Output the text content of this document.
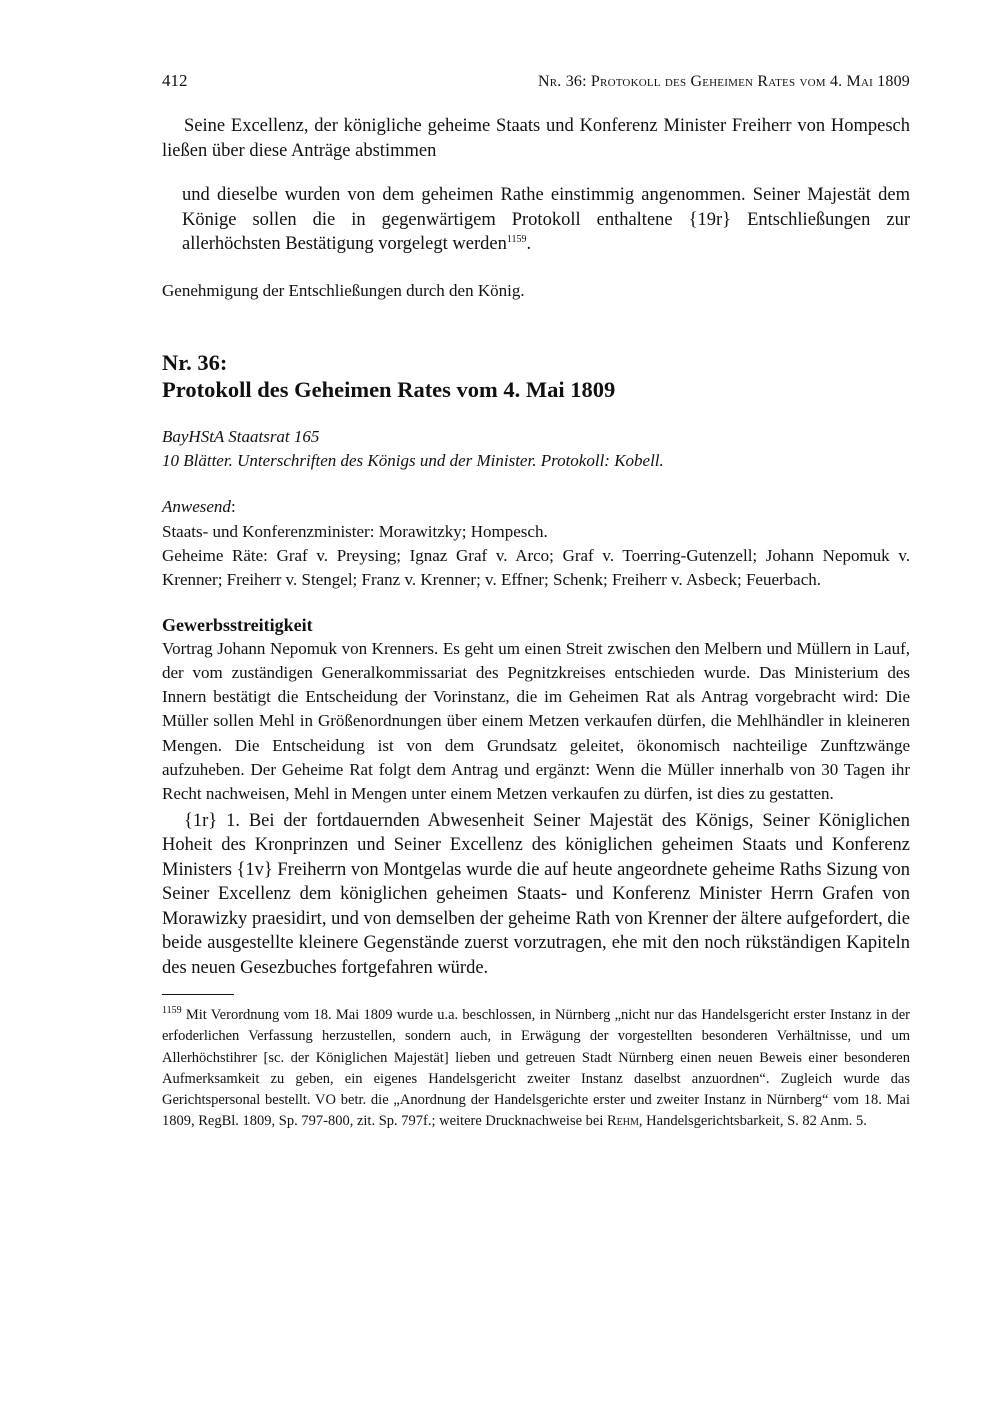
412	Nr. 36: Protokoll des Geheimen Rates vom 4. Mai 1809

Seine Excellenz, der königliche geheime Staats und Konferenz Minister Freiherr von Hompesch ließen über diese Anträge abstimmen

und dieselbe wurden von dem geheimen Rathe einstimmig angenommen. Seiner Majestät dem Könige sollen die in gegenwärtigem Protokoll enthaltene {19r} Entschließungen zur allerhöchsten Bestätigung vorgelegt werden$^{1159}$.

Genehmigung der Entschließungen durch den König.

Nr. 36:
Protokoll des Geheimen Rates vom 4. Mai 1809

BayHStA Staatsrat 165

10 Blätter. Unterschriften des Königs und der Minister. Protokoll: Kobell.

Anwesend:

Staats- und Konferenzminister: Morawitzky; Hompesch.

Geheime Räte: Graf v. Preysing; Ignaz Graf v. Arco; Graf v. Toerring-Gutenzell; Johann Nepomuk v. Krenner; Freiherr v. Stengel; Franz v. Krenner; v. Effner; Schenk; Freiherr v. Asbeck; Feuerbach.

Gewerbsstreitigkeit

Vortrag Johann Nepomuk von Krenners. Es geht um einen Streit zwischen den Melbern und Müllern in Lauf, der vom zuständigen Generalkommissariat des Pegnitzkreises entschieden wurde. Das Ministerium des Innern bestätigt die Entscheidung der Vorinstanz, die im Geheimen Rat als Antrag vorgebracht wird: Die Müller sollen Mehl in Größenordnungen über einem Metzen verkaufen dürfen, die Mehlhändler in kleineren Mengen. Die Entscheidung ist von dem Grundsatz geleitet, ökonomisch nachteilige Zunftzwänge aufzuheben. Der Geheime Rat folgt dem Antrag und ergänzt: Wenn die Müller innerhalb von 30 Tagen ihr Recht nachweisen, Mehl in Mengen unter einem Metzen verkaufen zu dürfen, ist dies zu gestatten.

{1r} 1. Bei der fortdauernden Abwesenheit Seiner Majestät des Königs, Seiner Königlichen Hoheit des Kronprinzen und Seiner Excellenz des königlichen geheimen Staats und Konferenz Ministers {1v} Freiherrn von Montgelas wurde die auf heute angeordnete geheime Raths Sizung von Seiner Excellenz dem königlichen geheimen Staats- und Konferenz Minister Herrn Grafen von Morawizky praesidirt, und von demselben der geheime Rath von Krenner der ältere aufgefordert, die beide ausgestellte kleinere Gegenstände zuerst vorzutragen, ehe mit den noch rükständigen Kapiteln des neuen Gesezbuches fortgefahren würde.

$^{1159}$ Mit Verordnung vom 18. Mai 1809 wurde u.a. beschlossen, in Nürnberg „nicht nur das Handelsgericht erster Instanz in der erfoderlichen Verfassung herzustellen, sondern auch, in Erwägung der vorgestellten besonderen Verhältnisse, und um Allerhöchstihrer [sc. der Königlichen Majestät] lieben und getreuen Stadt Nürnberg einen neuen Beweis einer besonderen Aufmerksamkeit zu geben, ein eigenes Handelsgericht zweiter Instanz daselbst anzuordnen“. Zugleich wurde das Gerichtspersonal bestellt. VO betr. die „Anordnung der Handelsgerichte erster und zweiter Instanz in Nürnberg“ vom 18. Mai 1809, RegBl. 1809, Sp. 797-800, zit. Sp. 797f.; weitere Drucknachweise bei Rehm, Handelsgerichtsbarkeit, S. 82 Anm. 5.
